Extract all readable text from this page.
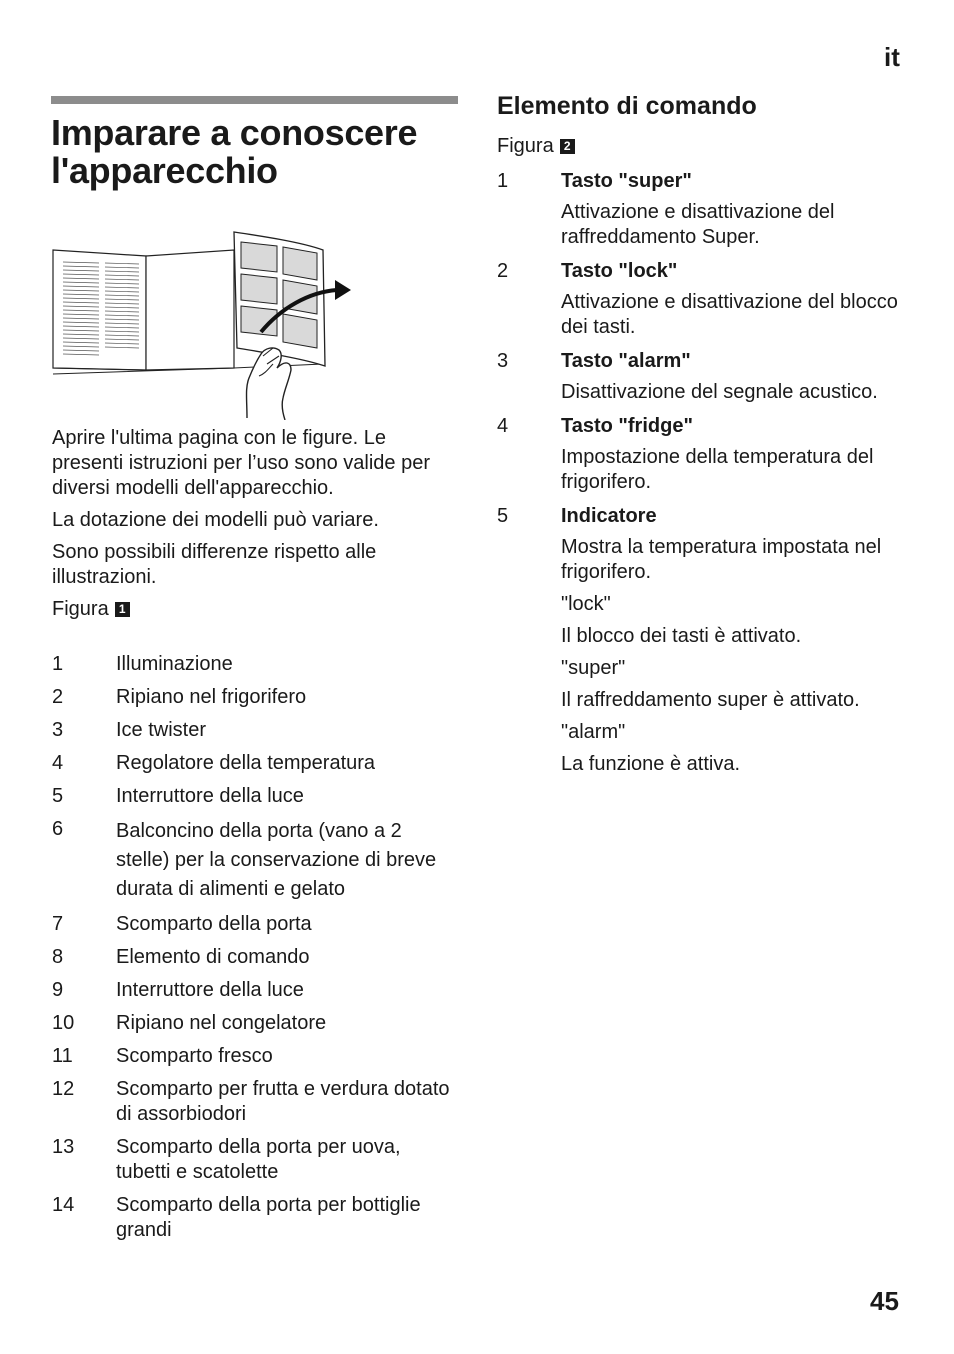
it
Imparare a conoscere l'apparecchio

Aprire l'ultima pagina con le figure. Le presenti istruzioni per l’uso sono valide per diversi modelli dell'apparecchio.

La dotazione dei modelli può variare.

Sono possibili differenze rispetto alle illustrazioni.

Figura 1
1	Illuminazione
2	Ripiano nel frigorifero
3	Ice twister
4	Regolatore della temperatura
5	Interruttore della luce
6	Balconcino della porta (vano a 2 stelle) per la conservazione di breve durata di alimenti e gelato
7	Scomparto della porta
8	Elemento di comando
9	Interruttore della luce
10	Ripiano nel congelatore
11	Scomparto fresco
12	Scomparto per frutta e verdura dotato di assorbiodori
13	Scomparto della porta per uova, tubetti e scatolette
14	Scomparto della porta per bottiglie grandi
Elemento di comando
Figura 2
1	Tasto "super"

Attivazione e disattivazione del raffreddamento Super.

2	Tasto "lock"

Attivazione e disattivazione del blocco dei tasti.

3	Tasto "alarm"

Disattivazione del segnale acustico.

4	Tasto "fridge"

Impostazione della temperatura del frigorifero.

5	Indicatore

Mostra la temperatura impostata nel frigorifero.

"lock"

Il blocco dei tasti è attivato.

"super"

Il raffreddamento super è attivato.

"alarm"

La funzione è attiva.

45
